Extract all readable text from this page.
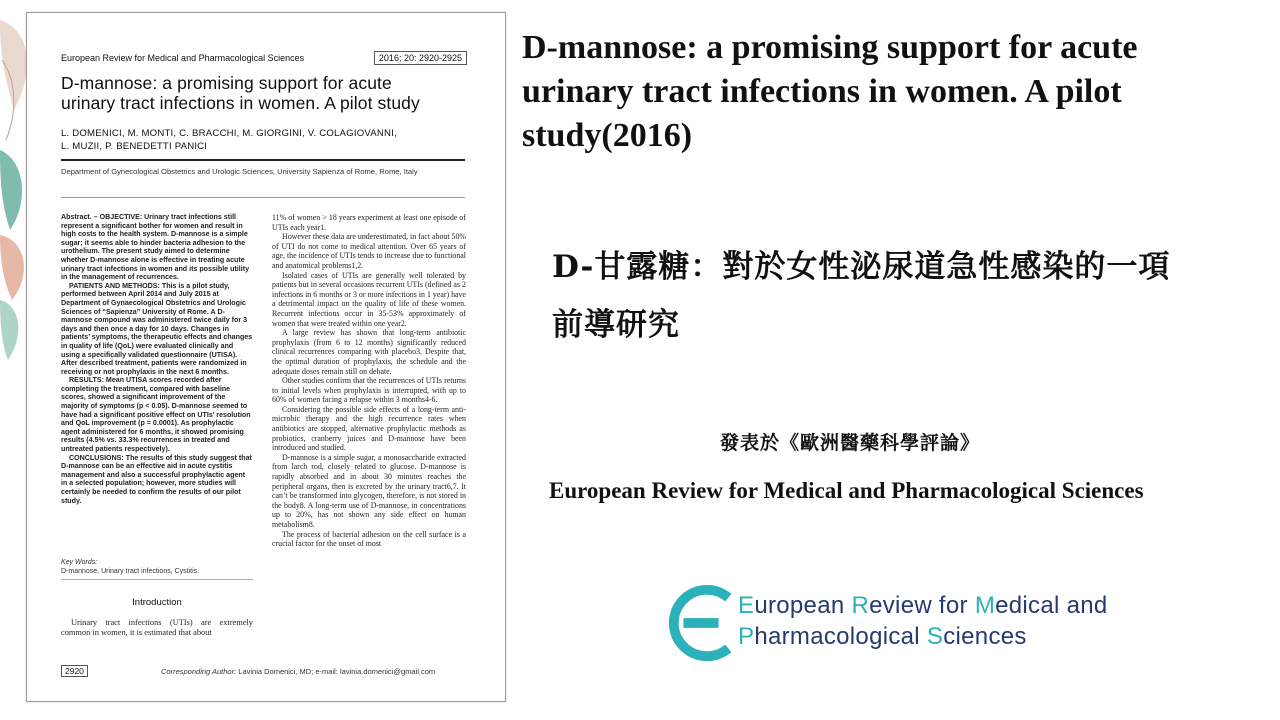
European Review for Medical and Pharmacological Sciences	2016; 20: 2920-2925
D-mannose: a promising support for acute
urinary tract infections in women. A pilot study
L. DOMENICI, M. MONTI, C. BRACCHI, M. GIORGINI, V. COLAGIOVANNI,
L. MUZII, P. BENEDETTI PANICI
Department of Gynecological Obstetrics and Urologic Sciences, University Sapienza of Rome, Rome, Italy

Abstract. – OBJECTIVE: Urinary tract infections still represent a significant bother for women and result in high costs to the health system. D-mannose is a simple sugar; it seems able to hinder bacteria adhesion to the urothelium. The present study aimed to determine whether D-mannose alone is effective in treating acute urinary tract infections in women and its possible utility in the management of recurrences.

PATIENTS AND METHODS: This is a pilot study, performed between April 2014 and July 2015 at Department of Gynaecological Obstetrics and Urologic Sciences of “Sapienza” University of Rome. A D-mannose compound was administered twice daily for 3 days and then once a day for 10 days. Changes in patients’ symptoms, the therapeutic effects and changes in quality of life (QoL) were evaluated clinically and using a specifically validated questionnaire (UTISA). After described treatment, patients were randomized in receiving or not prophylaxis in the next 6 months.

RESULTS: Mean UTISA scores recorded after completing the treatment, compared with baseline scores, showed a significant improvement of the majority of symptoms (p < 0.05). D-mannose seemed to have had a significant positive effect on UTIs’ resolution and QoL improvement (p = 0.0001). As prophylactic agent administered for 6 months, it showed promising results (4.5% vs. 33.3% recurrences in treated and untreated patients respectively).

CONCLUSIONS: The results of this study suggest that D-mannose can be an effective aid in acute cystitis management and also a successful prophylactic agent in a selected population; however, more studies will certainly be needed to confirm the results of our pilot study.

Key Words:
D-mannose, Urinary tract infections, Cystitis.
Introduction
Urinary tract infections (UTIs) are extremely common in women, it is estimated that about

11% of women > 18 years experiment at least one episode of UTIs each year1.

However these data are underestimated, in fact about 50% of UTI do not come to medical attention. Over 65 years of age, the incidence of UTIs tends to increase due to functional and anatomical problems1,2.

Isolated cases of UTIs are generally well tolerated by patients but in several occasions recurrent UTIs (defined as 2 infections in 6 months or 3 or more infections in 1 year) have a detrimental impact on the quality of life of these women. Recurrent infections occur in 35-53% approximately of women that were treated within one year2.

A large review has shown that long-term antibiotic prophylaxis (from 6 to 12 months) significantly reduced clinical recurrences comparing with placebo3. Despite that, the optimal duration of prophylaxis, the schedule and the adequate doses remain still on debate.

Other studies confirm that the recurrences of UTIs returns to initial levels when prophylaxis is interrupted, with up to 60% of women facing a relapse within 3 months4-6.

Considering the possible side effects of a long-term anti-microbic therapy and the high recurrence rates when antibiotics are stopped, alternative prophylactic methods as probiotics, cranberry juices and D-mannose have been introduced and studied.

D-mannose is a simple sugar, a monosaccharide extracted from larch rod, closely related to glucose. D-mannose is rapidly absorbed and in about 30 minutes reaches the peripheral organs, then is excreted by the urinary tract6,7. It can’t be transformed into glycogen, therefore, is not stored in the body8. A long-term use of D-mannose, in concentrations up to 20%, has not shown any side effect on human metabolism8.

The process of bacterial adhesion on the cell surface is a crucial factor for the onset of most

2920	Corresponding Author: Lavinia Domenici, MD; e-mail: lavinia.domenici@gmail.com
D-mannose: a promising support for acute urinary tract infections in women. A pilot study(2016)
D-甘露糖：對於女性泌尿道急性感染的一項
前導研究
發表於《歐洲醫藥科學評論》
European Review for Medical and Pharmacological Sciences
European Review for Medical and
Pharmacological Sciences
